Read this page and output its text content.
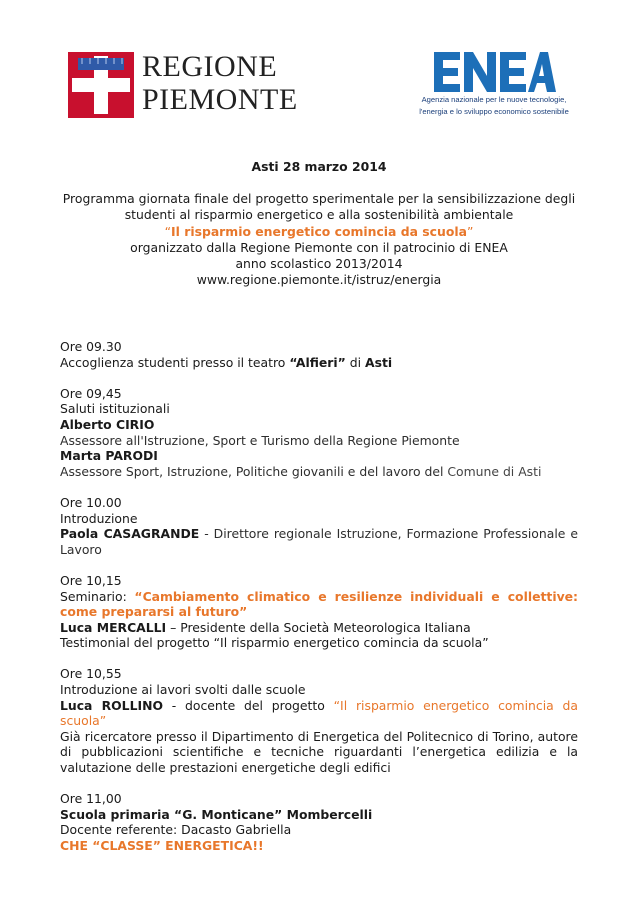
REGIONE
PIEMONTE	Agenzia nazionale per le nuove tecnologie,
l'energia e lo sviluppo economico sostenibile
Asti 28 marzo 2014
Programma giornata finale del progetto sperimentale per la sensibilizzazione degli
studenti al risparmio energetico e alla sostenibilità ambientale
“Il risparmio energetico comincia da scuola”
organizzato dalla Regione Piemonte con il patrocinio di ENEA
anno scolastico 2013/2014
www.regione.piemonte.it/istruz/energia
Ore 09.30
Accoglienza studenti presso il teatro “Alfieri” di Asti
Ore 09,45
Saluti istituzionali
Alberto CIRIO
Assessore all'Istruzione, Sport e Turismo della Regione Piemonte
Marta PARODI
Assessore Sport, Istruzione, Politiche giovanili e del lavoro del Comune di Asti
Ore 10.00
Introduzione
Paola CASAGRANDE - Direttore regionale Istruzione, Formazione Professionale e Lavoro
Ore 10,15
Seminario: “Cambiamento climatico e resilienze individuali e collettive: come prepararsi al futuro”
Luca MERCALLI – Presidente della Società Meteorologica Italiana
Testimonial del progetto “Il risparmio energetico comincia da scuola”
Ore 10,55
Introduzione ai lavori svolti dalle scuole
Luca ROLLINO - docente del progetto “Il risparmio energetico comincia da scuola”
Già ricercatore presso il Dipartimento di Energetica del Politecnico di Torino, autore di pubblicazioni scientifiche e tecniche riguardanti l’energetica edilizia e la valutazione delle prestazioni energetiche degli edifici
Ore 11,00
Scuola primaria “G. Monticane” Mombercelli
Docente referente: Dacasto Gabriella
CHE “CLASSE” ENERGETICA!!
